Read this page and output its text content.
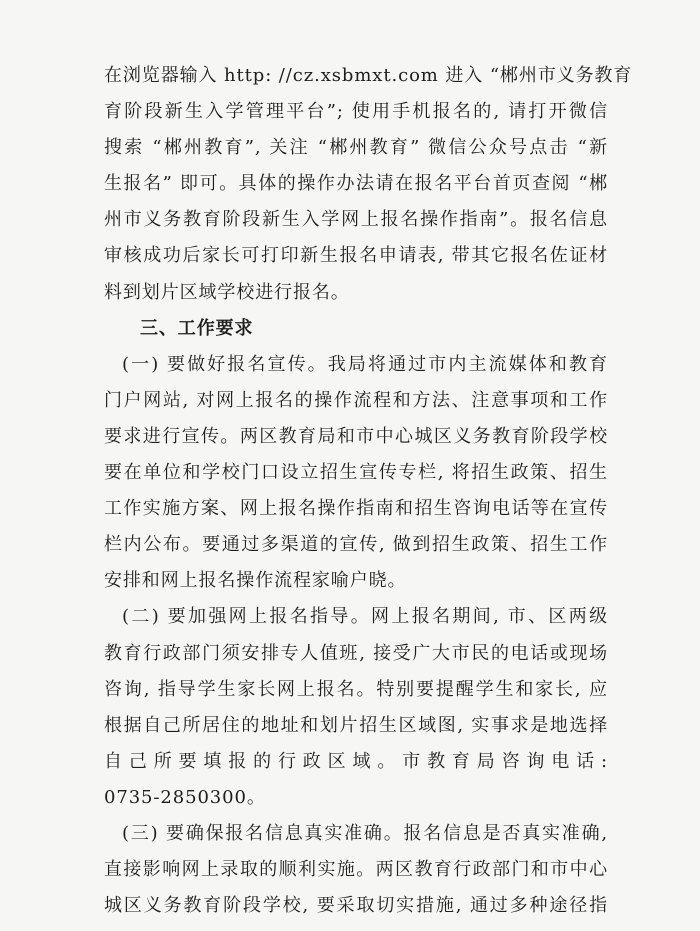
在浏览器输入 http: //cz.xsbmxt.com 进入 “郴州市义务教育
育阶段新生入学管理平台”; 使用手机报名的, 请打开微信
搜索 “郴州教育”, 关注 “郴州教育” 微信公众号点击 “新
生报名” 即可。具体的操作办法请在报名平台首页查阅 “郴
州市义务教育阶段新生入学网上报名操作指南”。报名信息
审核成功后家长可打印新生报名申请表, 带其它报名佐证材
料到划片区域学校进行报名。
三、工作要求
(一) 要做好报名宣传。我局将通过市内主流媒体和教育
门户网站, 对网上报名的操作流程和方法、注意事项和工作
要求进行宣传。两区教育局和市中心城区义务教育阶段学校
要在单位和学校门口设立招生宣传专栏, 将招生政策、招生
工作实施方案、网上报名操作指南和招生咨询电话等在宣传
栏内公布。要通过多渠道的宣传, 做到招生政策、招生工作
安排和网上报名操作流程家喻户晓。
(二) 要加强网上报名指导。网上报名期间, 市、区两级
教育行政部门须安排专人值班, 接受广大市民的电话或现场
咨询, 指导学生家长网上报名。特别要提醒学生和家长, 应
根据自己所居住的地址和划片招生区域图, 实事求是地选择
自己所要填报的行政区域。市教育局咨询电话:
0735-2850300。
(三) 要确保报名信息真实准确。报名信息是否真实准确,
直接影响网上录取的顺利实施。两区教育行政部门和市中心
城区义务教育阶段学校, 要采取切实措施, 通过多种途径指
